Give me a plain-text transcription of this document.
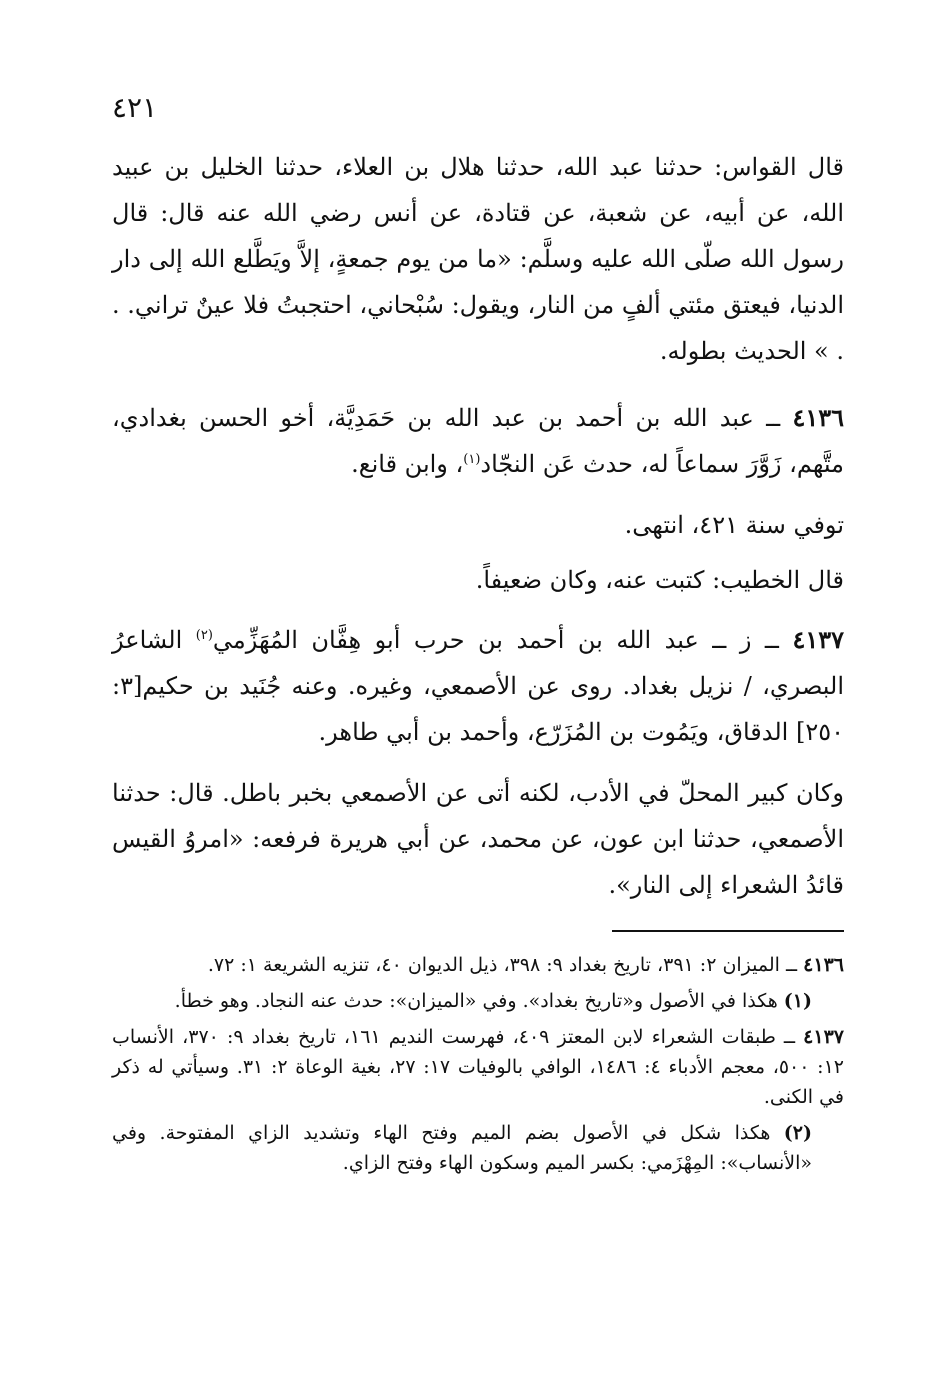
٤٢١

قال القواس: حدثنا عبد الله، حدثنا هلال بن العلاء، حدثنا الخليل بن عبيد الله، عن أبيه، عن شعبة، عن قتادة، عن أنس رضي الله عنه قال: قال رسول الله صلّى الله عليه وسلَّم: «ما من يوم جمعةٍ، إلاَّ ويَطَّلع الله إلى دار الدنيا، فيعتق مئتي ألفٍ من النار، ويقول: سُبْحاني، احتجبتُ فلا عينٌ تراني. . . » الحديث بطوله.

٤١٣٦ ــ عبد الله بن أحمد بن عبد الله بن حَمَدِيَّة، أخو الحسن بغدادي، متَّهم، زَوَّرَ سماعاً له، حدث عَن النجّاد$^{(١)}$، وابن قانع.

توفي سنة ٤٢١، انتهى.

قال الخطيب: كتبت عنه، وكان ضعيفاً.

٤١٣٧ ــ ز ــ عبد الله بن أحمد بن حرب أبو هِفَّان المُهَزِّمي$^{(٢)}$ الشاعرُ البصري، / نزيل بغداد. روى عن الأصمعي، وغيره. وعنه جُنَيد بن حكيم[٣: ٢٥٠] الدقاق، ويَمُوت بن المُزَرّع، وأحمد بن أبي طاهر.

وكان كبير المحلّ في الأدب، لكنه أتى عن الأصمعي بخبر باطل. قال: حدثنا الأصمعي، حدثنا ابن عون، عن محمد، عن أبي هريرة فرفعه: «امروُ القيس قائدُ الشعراء إلى النار».

٤١٣٦ ــ الميزان ٢: ٣٩١، تاريخ بغداد ٩: ٣٩٨، ذيل الديوان ٤٠، تنزيه الشريعة ١: ٧٢.

(١) هكذا في الأصول و«تاريخ بغداد». وفي «الميزان»: حدث عنه النجاد. وهو خطأ.

٤١٣٧ ــ طبقات الشعراء لابن المعتز ٤٠٩، فهرست النديم ١٦١، تاريخ بغداد ٩: ٣٧٠، الأنساب ١٢: ٥٠٠، معجم الأدباء ٤: ١٤٨٦، الوافي بالوفيات ١٧: ٢٧، بغية الوعاة ٢: ٣١. وسيأتي له ذكر في الكنى.

(٢) هكذا شكل في الأصول بضم الميم وفتح الهاء وتشديد الزاي المفتوحة. وفي «الأنساب»: المِهْزَمي: بكسر الميم وسكون الهاء وفتح الزاي.
